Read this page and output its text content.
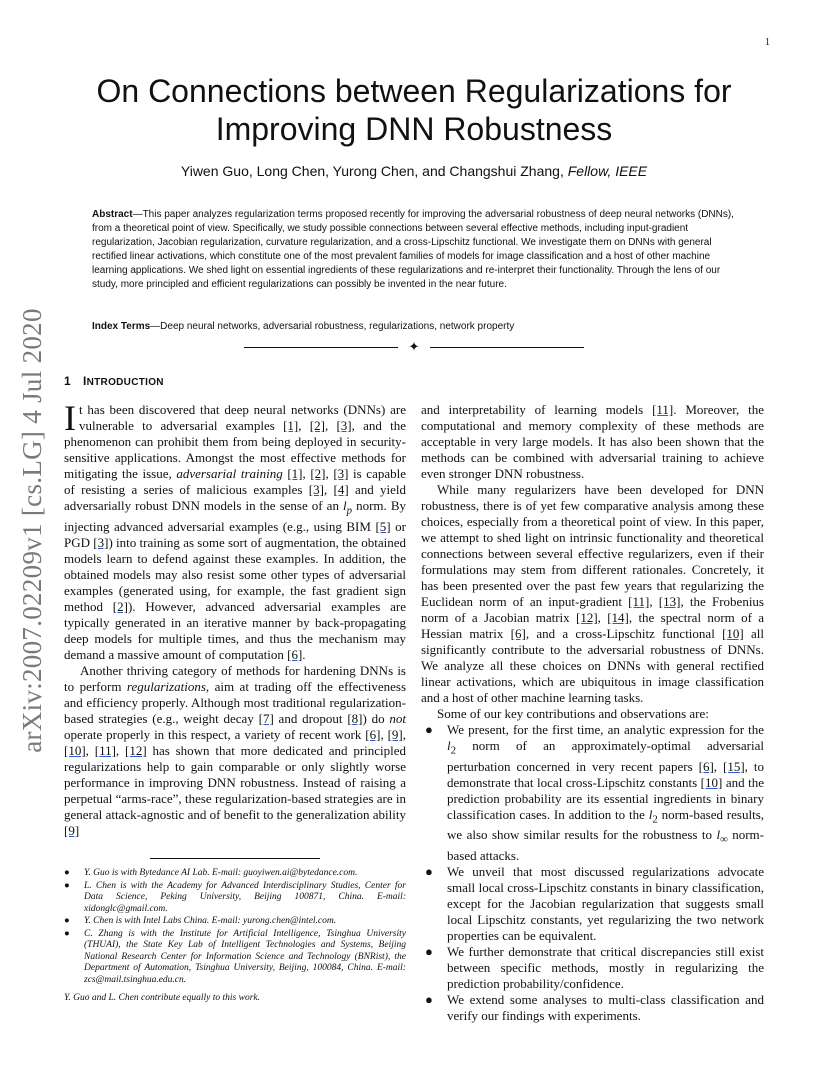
1
arXiv:2007.02209v1 [cs.LG] 4 Jul 2020
On Connections between Regularizations for Improving DNN Robustness
Yiwen Guo, Long Chen, Yurong Chen, and Changshui Zhang, Fellow, IEEE

Abstract—This paper analyzes regularization terms proposed recently for improving the adversarial robustness of deep neural networks (DNNs), from a theoretical point of view. Specifically, we study possible connections between several effective methods, including input-gradient regularization, Jacobian regularization, curvature regularization, and a cross-Lipschitz functional. We investigate them on DNNs with general rectified linear activations, which constitute one of the most prevalent families of models for image classification and a host of other machine learning applications. We shed light on essential ingredients of these regularizations and re-interpret their functionality. Through the lens of our study, more principled and efficient regularizations can possibly be invented in the near future.

Index Terms—Deep neural networks, adversarial robustness, regularizations, network property

✦
1 INTRODUCTION

It has been discovered that deep neural networks (DNNs) are vulnerable to adversarial examples [1], [2], [3], and the phenomenon can prohibit them from being deployed in security-sensitive applications. Amongst the most effective methods for mitigating the issue, adversarial training [1], [2], [3] is capable of resisting a series of malicious examples [3], [4] and yield adversarially robust DNN models in the sense of an $l_p$ norm. By injecting advanced adversarial examples (e.g., using BIM [5] or PGD [3]) into training as some sort of augmentation, the obtained models learn to defend against these examples. In addition, the obtained models may also resist some other types of adversarial examples (generated using, for example, the fast gradient sign method [2]). However, advanced adversarial examples are typically generated in an iterative manner by back-propagating deep models for multiple times, and thus the mechanism may demand a massive amount of computation [6].

Another thriving category of methods for hardening DNNs is to perform regularizations, aim at trading off the effectiveness and efficiency properly. Although most traditional regularization-based strategies (e.g., weight decay [7] and dropout [8]) do not operate properly in this respect, a variety of recent work [6], [9], [10], [11], [12] has shown that more dedicated and principled regularizations help to gain comparable or only slightly worse performance in improving DNN robustness. Instead of raising a perpetual “arms-race”, these regularization-based strategies are in general attack-agnostic and of benefit to the generalization ability [9]

and interpretability of learning models [11]. Moreover, the computational and memory complexity of these methods are acceptable in very large models. It has also been shown that the methods can be combined with adversarial training to achieve even stronger DNN robustness.

While many regularizers have been developed for DNN robustness, there is of yet few comparative analysis among these choices, especially from a theoretical point of view. In this paper, we attempt to shed light on intrinsic functionality and theoretical connections between several effective regularizers, even if their formulations may stem from different rationales. Concretely, it has been presented over the past few years that regularizing the Euclidean norm of an input-gradient [11], [13], the Frobenius norm of a Jacobian matrix [12], [14], the spectral norm of a Hessian matrix [6], and a cross-Lipschitz functional [10] all significantly contribute to the adversarial robustness of DNNs. We analyze all these choices on DNNs with general rectified linear activations, which are ubiquitous in image classification and a host of other machine learning tasks.

Some of our key contributions and observations are:

● We present, for the first time, an analytic expression for the $l_2$ norm of an approximately-optimal adversarial perturbation concerned in very recent papers [6], [15], to demonstrate that local cross-Lipschitz constants [10] and the prediction probability are its essential ingredients in binary classification cases. In addition to the $l_2$ norm-based results, we also show similar results for the robustness to $l_\infty$ norm-based attacks.
● We unveil that most discussed regularizations advocate small local cross-Lipschitz constants in binary classification, except for the Jacobian regularization that suggests small local Lipschitz constants, yet regularizing the two network properties can be equivalent.
● We further demonstrate that critical discrepancies still exist between specific methods, mostly in regularizing the prediction probability/confidence.
● We extend some analyses to multi-class classification and verify our findings with experiments.
● Y. Guo is with Bytedance AI Lab. E-mail: guoyiwen.ai@bytedance.com.
● L. Chen is with the Academy for Advanced Interdisciplinary Studies, Center for Data Science, Peking University, Beijing 100871, China. E-mail: xidonglc@gmail.com.
● Y. Chen is with Intel Labs China. E-mail: yurong.chen@intel.com.
● C. Zhang is with the Institute for Artificial Intelligence, Tsinghua University (THUAI), the State Key Lab of Intelligent Technologies and Systems, Beijing National Research Center for Information Science and Technology (BNRist), the Department of Automation, Tsinghua University, Beijing, 100084, China. E-mail: zcs@mail.tsinghua.edu.cn.
Y. Guo and L. Chen contribute equally to this work.
